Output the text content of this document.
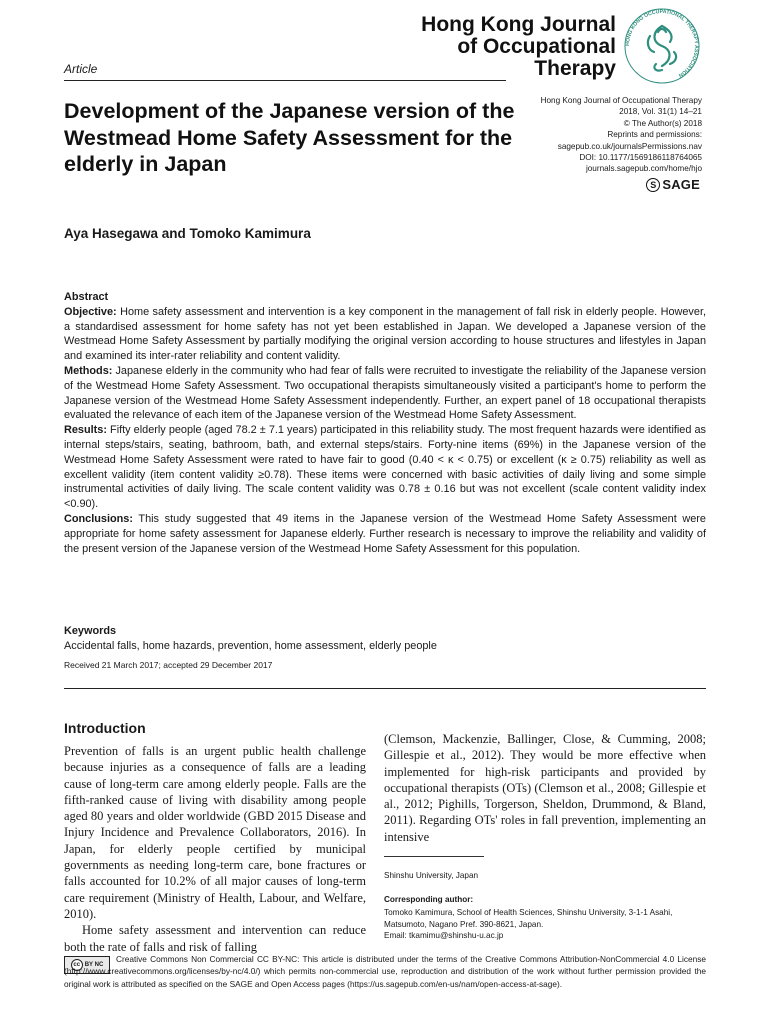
Hong Kong Journal
of Occupational
Therapy
HONG KONG OCCUPATIONAL THERAPY ASSOCIATION
Article
Development of the Japanese version of the Westmead Home Safety Assessment for the elderly in Japan
Hong Kong Journal of Occupational Therapy
2018, Vol. 31(1) 14–21
© The Author(s) 2018
Reprints and permissions:
sagepub.co.uk/journalsPermissions.nav
DOI: 10.1177/1569186118764065
journals.sagepub.com/home/hjo
S SAGE
Aya Hasegawa and Tomoko Kamimura

Abstract

Objective: Home safety assessment and intervention is a key component in the management of fall risk in elderly people. However, a standardised assessment for home safety has not yet been established in Japan. We developed a Japanese version of the Westmead Home Safety Assessment by partially modifying the original version according to house structures and lifestyles in Japan and examined its inter-rater reliability and content validity.

Methods: Japanese elderly in the community who had fear of falls were recruited to investigate the reliability of the Japanese version of the Westmead Home Safety Assessment. Two occupational therapists simultaneously visited a participant's home to perform the Japanese version of the Westmead Home Safety Assessment independently. Further, an expert panel of 18 occupational therapists evaluated the relevance of each item of the Japanese version of the Westmead Home Safety Assessment.

Results: Fifty elderly people (aged 78.2 ± 7.1 years) participated in this reliability study. The most frequent hazards were identified as internal steps/stairs, seating, bathroom, bath, and external steps/stairs. Forty-nine items (69%) in the Japanese version of the Westmead Home Safety Assessment were rated to have fair to good (0.40 < κ < 0.75) or excellent (κ ≥ 0.75) reliability as well as excellent validity (item content validity ≥0.78). These items were concerned with basic activities of daily living and some simple instrumental activities of daily living. The scale content validity was 0.78 ± 0.16 but was not excellent (scale content validity index <0.90).

Conclusions: This study suggested that 49 items in the Japanese version of the Westmead Home Safety Assessment were appropriate for home safety assessment for Japanese elderly. Further research is necessary to improve the reliability and validity of the present version of the Japanese version of the Westmead Home Safety Assessment for this population.

Keywords
Accidental falls, home hazards, prevention, home assessment, elderly people
Received 21 March 2017; accepted 29 December 2017
Introduction

Prevention of falls is an urgent public health challenge because injuries as a consequence of falls are a leading cause of long-term care among elderly people. Falls are the fifth-ranked cause of living with disability among people aged 80 years and older worldwide (GBD 2015 Disease and Injury Incidence and Prevalence Collaborators, 2016). In Japan, for elderly people certified by municipal governments as needing long-term care, bone fractures or falls accounted for 10.2% of all major causes of long-term care requirement (Ministry of Health, Labour, and Welfare, 2010).

Home safety assessment and intervention can reduce both the rate of falls and risk of falling

(Clemson, Mackenzie, Ballinger, Close, & Cumming, 2008; Gillespie et al., 2012). They would be more effective when implemented for high-risk participants and provided by occupational therapists (OTs) (Clemson et al., 2008; Gillespie et al., 2012; Pighills, Torgerson, Sheldon, Drummond, & Bland, 2011). Regarding OTs' roles in fall prevention, implementing an intensive

Shinshu University, Japan
Corresponding author:
Tomoko Kamimura, School of Health Sciences, Shinshu University, 3-1-1 Asahi, Matsumoto, Nagano Pref. 390-8621, Japan.
Email: tkamimu@shinshu-u.ac.jp
cc BY NC
Creative Commons Non Commercial CC BY-NC: This article is distributed under the terms of the Creative Commons Attribution-NonCommercial 4.0 License (http://www.creativecommons.org/licenses/by-nc/4.0/) which permits non-commercial use, reproduction and distribution of the work without further permission provided the original work is attributed as specified on the SAGE and Open Access pages (https://us.sagepub.com/en-us/nam/open-access-at-sage).
